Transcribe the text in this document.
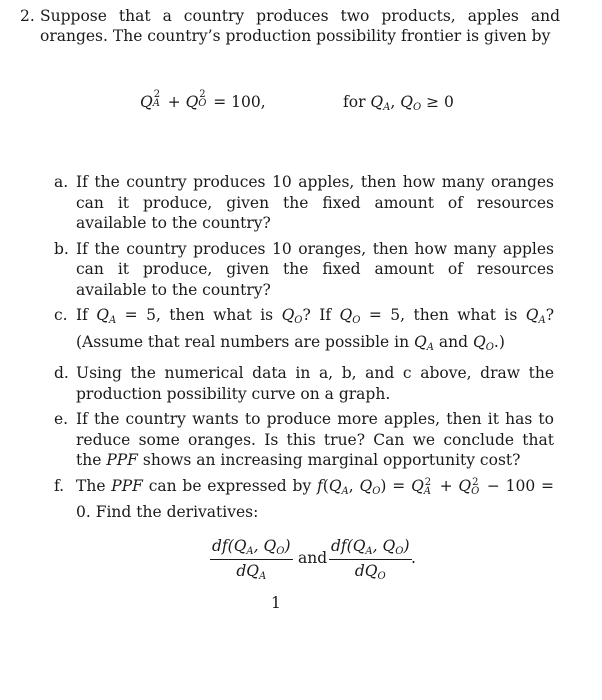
2. Suppose that a country produces two products, apples and oranges. The country’s production possibility frontier is given by
Q 2
A + Q 2
O = 100,	for $Q_A$, $Q_O \ge 0$
a. If the country produces 10 apples, then how many oranges can it produce, given the fixed amount of resources available to the country?
b. If the country produces 10 oranges, then how many apples can it produce, given the fixed amount of resources available to the country?
c. If $Q_A = 5$, then what is $Q_O$? If $Q_O = 5$, then what is $Q_A$? (Assume that real numbers are possible in $Q_A$ and $Q_O$.)
d. Using the numerical data in a, b, and c above, draw the production possibility curve on a graph.
e. If the country wants to produce more apples, then it has to reduce some oranges. Is this true? Can we conclude that the PPF shows an increasing marginal opportunity cost?
f. The PPF can be expressed by $f(Q_A$, $Q_O) = Q$ 2
A + Q 2
O − 100 = 0. Find the derivatives:
$df(Q_A$, $Q_O$)
$dQ_A$
and
$df(Q_A$, $Q_O$)
$dQ_O$
.
1
